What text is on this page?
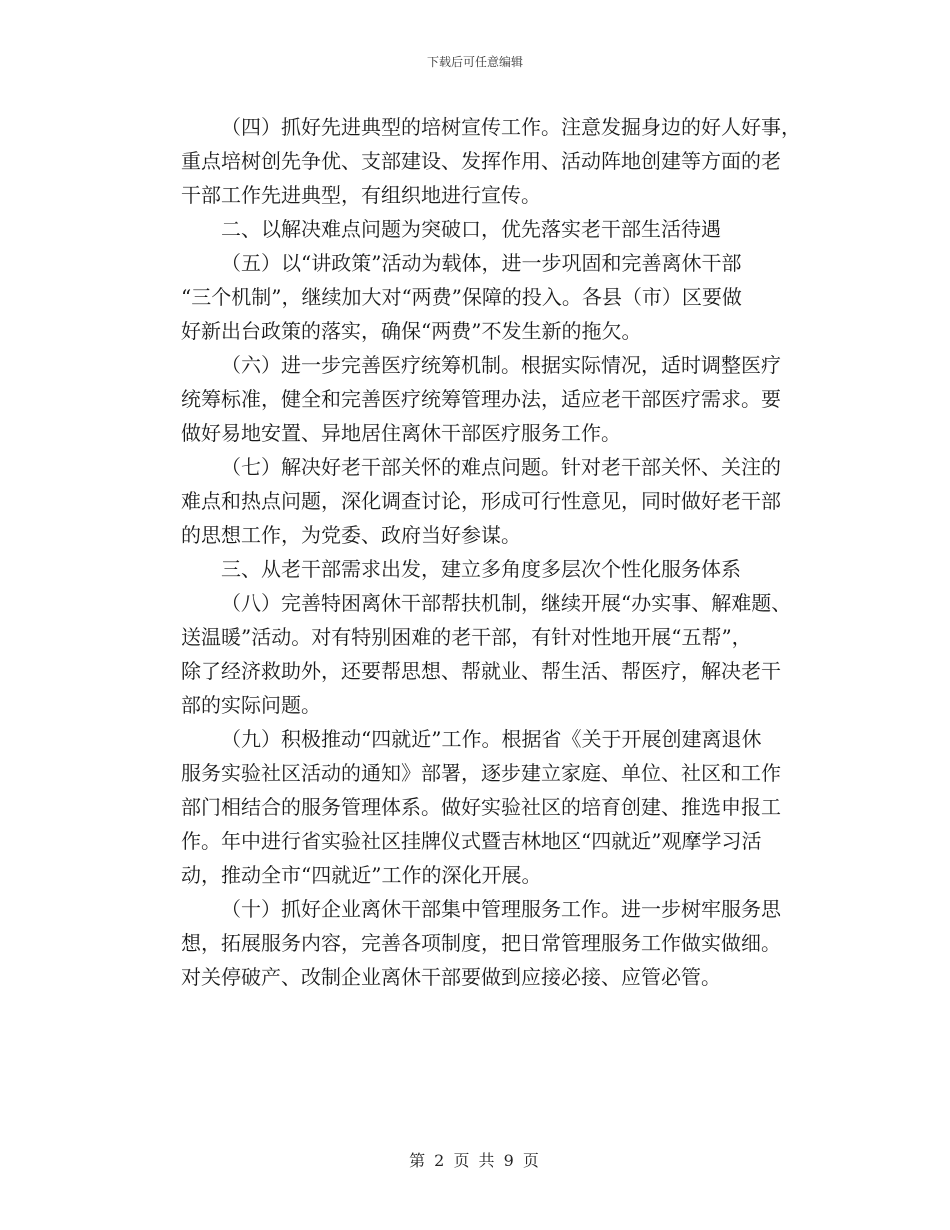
下载后可任意编辑
（四）抓好先进典型的培树宣传工作。注意发掘身边的好人好事，
重点培树创先争优、支部建设、发挥作用、活动阵地创建等方面的老
干部工作先进典型，有组织地进行宣传。
二、以解决难点问题为突破口，优先落实老干部生活待遇
（五）以“讲政策”活动为载体，进一步巩固和完善离休干部
“三个机制”，继续加大对“两费”保障的投入。各县（市）区要做
好新出台政策的落实，确保“两费”不发生新的拖欠。
（六）进一步完善医疗统筹机制。根据实际情况，适时调整医疗
统筹标准，健全和完善医疗统筹管理办法，适应老干部医疗需求。要
做好易地安置、异地居住离休干部医疗服务工作。
（七）解决好老干部关怀的难点问题。针对老干部关怀、关注的
难点和热点问题，深化调查讨论，形成可行性意见，同时做好老干部
的思想工作，为党委、政府当好参谋。
三、从老干部需求出发，建立多角度多层次个性化服务体系
（八）完善特困离休干部帮扶机制，继续开展“办实事、解难题、
送温暖”活动。对有特别困难的老干部，有针对性地开展“五帮”，
除了经济救助外，还要帮思想、帮就业、帮生活、帮医疗，解决老干
部的实际问题。
（九）积极推动“四就近”工作。根据省《关于开展创建离退休
服务实验社区活动的通知》部署，逐步建立家庭、单位、社区和工作
部门相结合的服务管理体系。做好实验社区的培育创建、推选申报工
作。年中进行省实验社区挂牌仪式暨吉林地区“四就近”观摩学习活
动，推动全市“四就近”工作的深化开展。
（十）抓好企业离休干部集中管理服务工作。进一步树牢服务思
想，拓展服务内容，完善各项制度，把日常管理服务工作做实做细。
对关停破产、改制企业离休干部要做到应接必接、应管必管。
第 2 页 共 9 页
